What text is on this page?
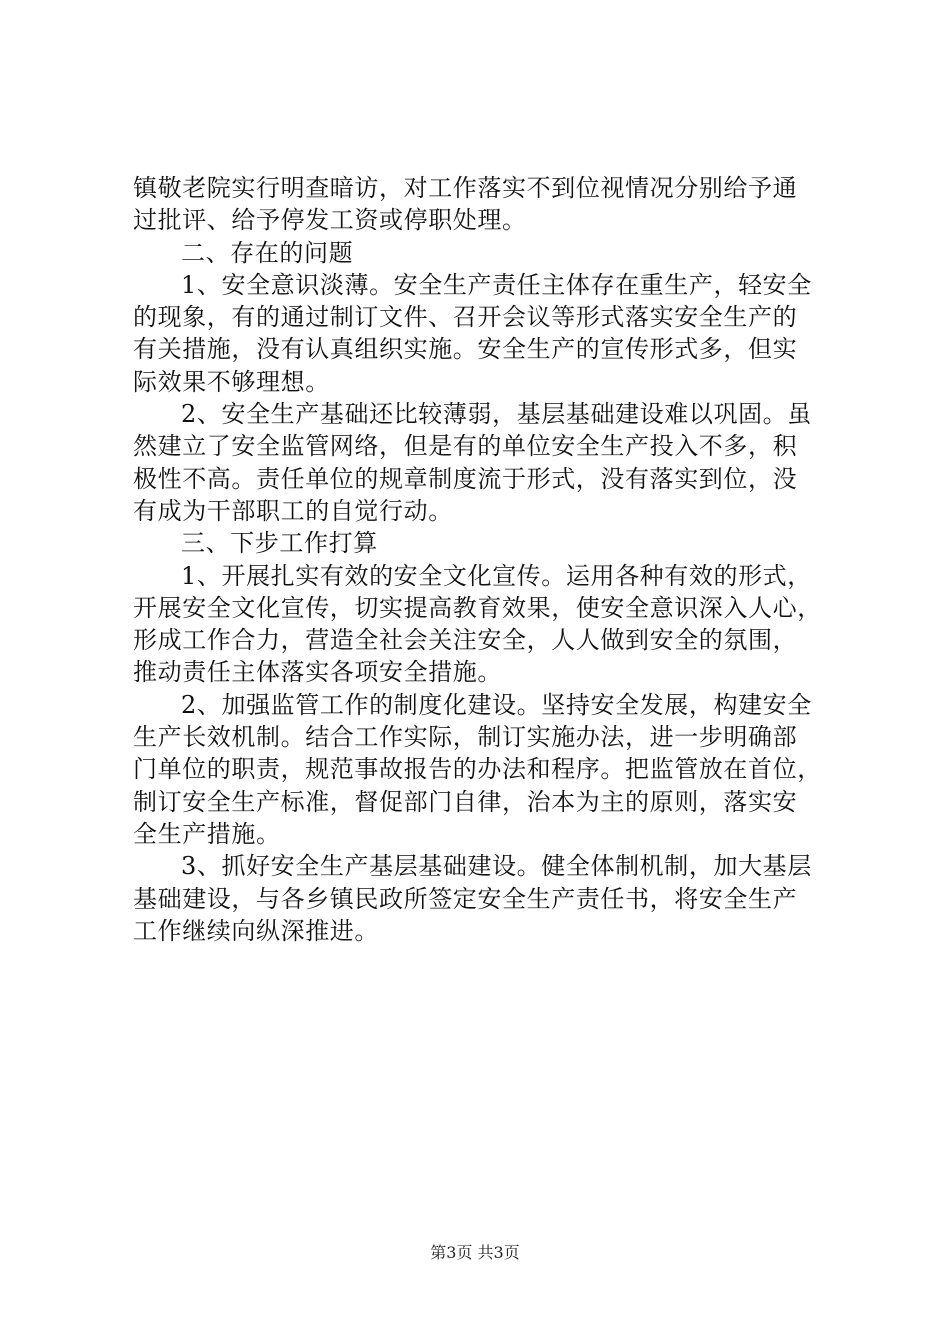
镇敬老院实行明查暗访，对工作落实不到位视情况分别给予通
过批评、给予停发工资或停职处理。
二、存在的问题
1、安全意识淡薄。安全生产责任主体存在重生产，轻安全
的现象，有的通过制订文件、召开会议等形式落实安全生产的
有关措施，没有认真组织实施。安全生产的宣传形式多，但实
际效果不够理想。
2、安全生产基础还比较薄弱，基层基础建设难以巩固。虽
然建立了安全监管网络，但是有的单位安全生产投入不多，积
极性不高。责任单位的规章制度流于形式，没有落实到位，没
有成为干部职工的自觉行动。
三、下步工作打算
1、开展扎实有效的安全文化宣传。运用各种有效的形式，
开展安全文化宣传，切实提高教育效果，使安全意识深入人心，
形成工作合力，营造全社会关注安全，人人做到安全的氛围，
推动责任主体落实各项安全措施。
2、加强监管工作的制度化建设。坚持安全发展，构建安全
生产长效机制。结合工作实际，制订实施办法，进一步明确部
门单位的职责，规范事故报告的办法和程序。把监管放在首位，
制订安全生产标准，督促部门自律，治本为主的原则，落实安
全生产措施。
3、抓好安全生产基层基础建设。健全体制机制，加大基层
基础建设，与各乡镇民政所签定安全生产责任书，将安全生产
工作继续向纵深推进。
第3页 共3页
